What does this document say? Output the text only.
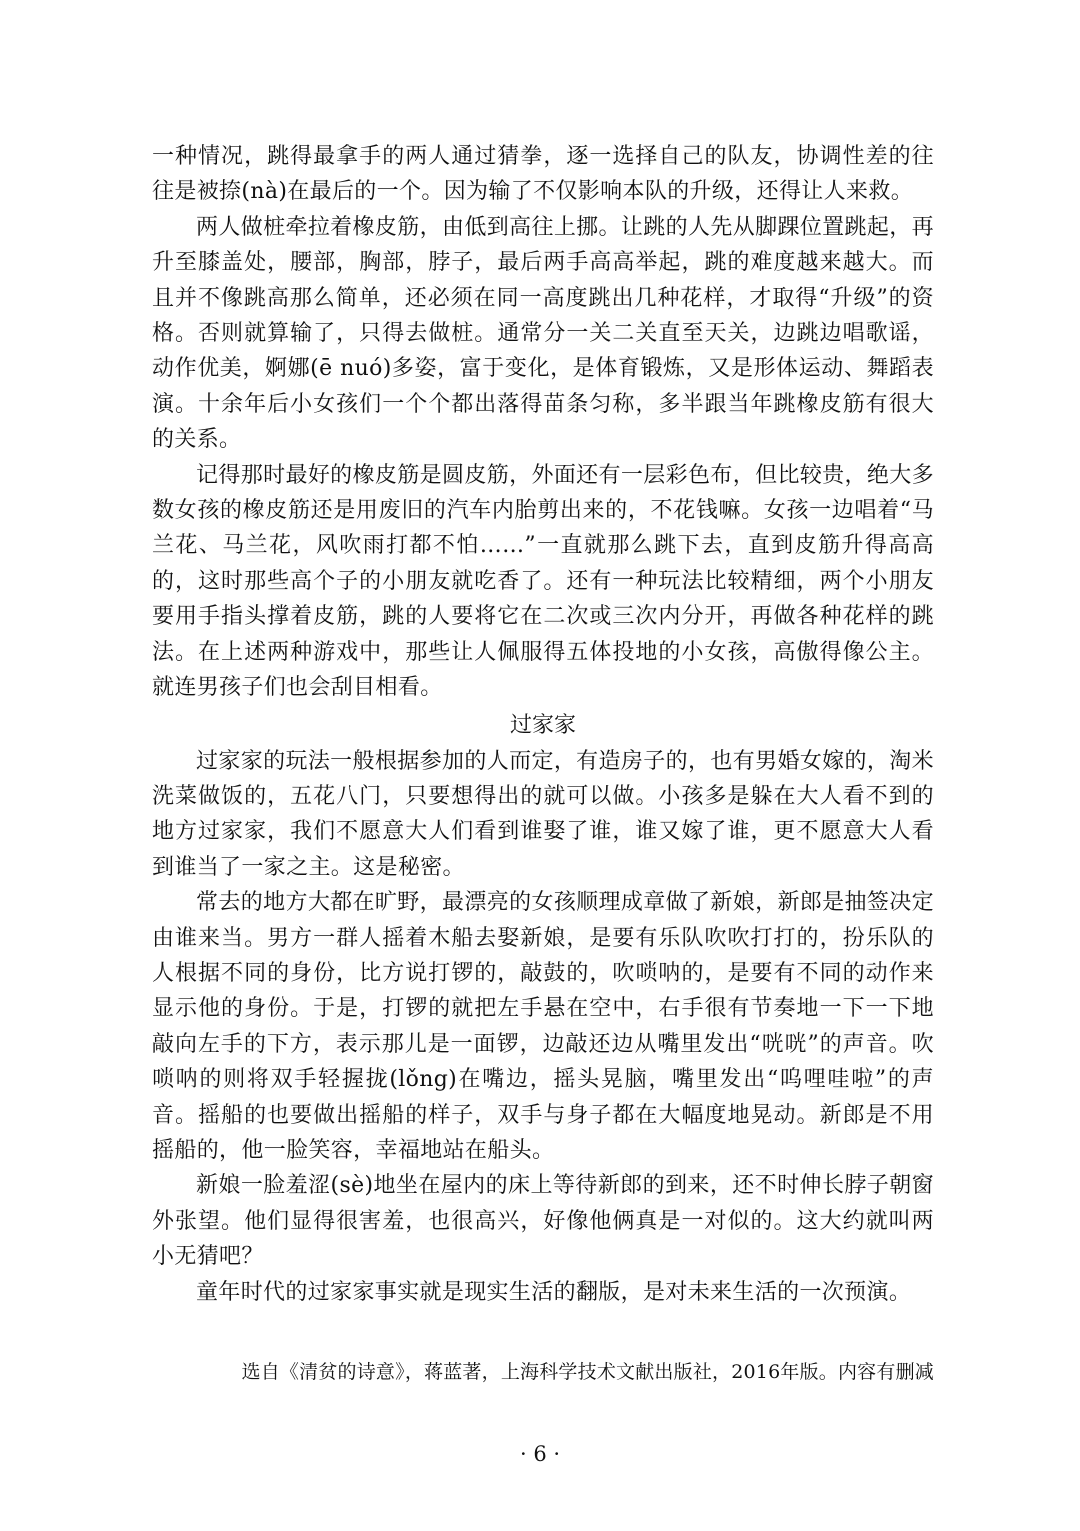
一种情况，跳得最拿手的两人通过猜拳，逐一选择自己的队友，协调性差的往往是被捺(nà)在最后的一个。因为输了不仅影响本队的升级，还得让人来救。

两人做桩牵拉着橡皮筋，由低到高往上挪。让跳的人先从脚踝位置跳起，再升至膝盖处，腰部，胸部，脖子，最后两手高高举起，跳的难度越来越大。而且并不像跳高那么简单，还必须在同一高度跳出几种花样，才取得“升级”的资格。否则就算输了，只得去做桩。通常分一关二关直至天关，边跳边唱歌谣，动作优美，婀娜(ē nuó)多姿，富于变化，是体育锻炼，又是形体运动、舞蹈表演。十余年后小女孩们一个个都出落得苗条匀称，多半跟当年跳橡皮筋有很大的关系。

记得那时最好的橡皮筋是圆皮筋，外面还有一层彩色布，但比较贵，绝大多数女孩的橡皮筋还是用废旧的汽车内胎剪出来的，不花钱嘛。女孩一边唱着“马兰花、马兰花，风吹雨打都不怕……”一直就那么跳下去，直到皮筋升得高高的，这时那些高个子的小朋友就吃香了。还有一种玩法比较精细，两个小朋友要用手指头撑着皮筋，跳的人要将它在二次或三次内分开，再做各种花样的跳法。在上述两种游戏中，那些让人佩服得五体投地的小女孩，高傲得像公主。就连男孩子们也会刮目相看。

过家家

过家家的玩法一般根据参加的人而定，有造房子的，也有男婚女嫁的，淘米洗菜做饭的，五花八门，只要想得出的就可以做。小孩多是躲在大人看不到的地方过家家，我们不愿意大人们看到谁娶了谁，谁又嫁了谁，更不愿意大人看到谁当了一家之主。这是秘密。

常去的地方大都在旷野，最漂亮的女孩顺理成章做了新娘，新郎是抽签决定由谁来当。男方一群人摇着木船去娶新娘，是要有乐队吹吹打打的，扮乐队的人根据不同的身份，比方说打锣的，敲鼓的，吹唢呐的，是要有不同的动作来显示他的身份。于是，打锣的就把左手悬在空中，右手很有节奏地一下一下地敲向左手的下方，表示那儿是一面锣，边敲还边从嘴里发出“咣咣”的声音。吹唢呐的则将双手轻握拢(lǒng)在嘴边，摇头晃脑，嘴里发出“呜哩哇啦”的声音。摇船的也要做出摇船的样子，双手与身子都在大幅度地晃动。新郎是不用摇船的，他一脸笑容，幸福地站在船头。

新娘一脸羞涩(sè)地坐在屋内的床上等待新郎的到来，还不时伸长脖子朝窗外张望。他们显得很害羞，也很高兴，好像他俩真是一对似的。这大约就叫两小无猜吧？

童年时代的过家家事实就是现实生活的翻版，是对未来生活的一次预演。

选自《清贫的诗意》，蒋蓝著，上海科学技术文献出版社，2016年版。内容有删减
· 6 ·
